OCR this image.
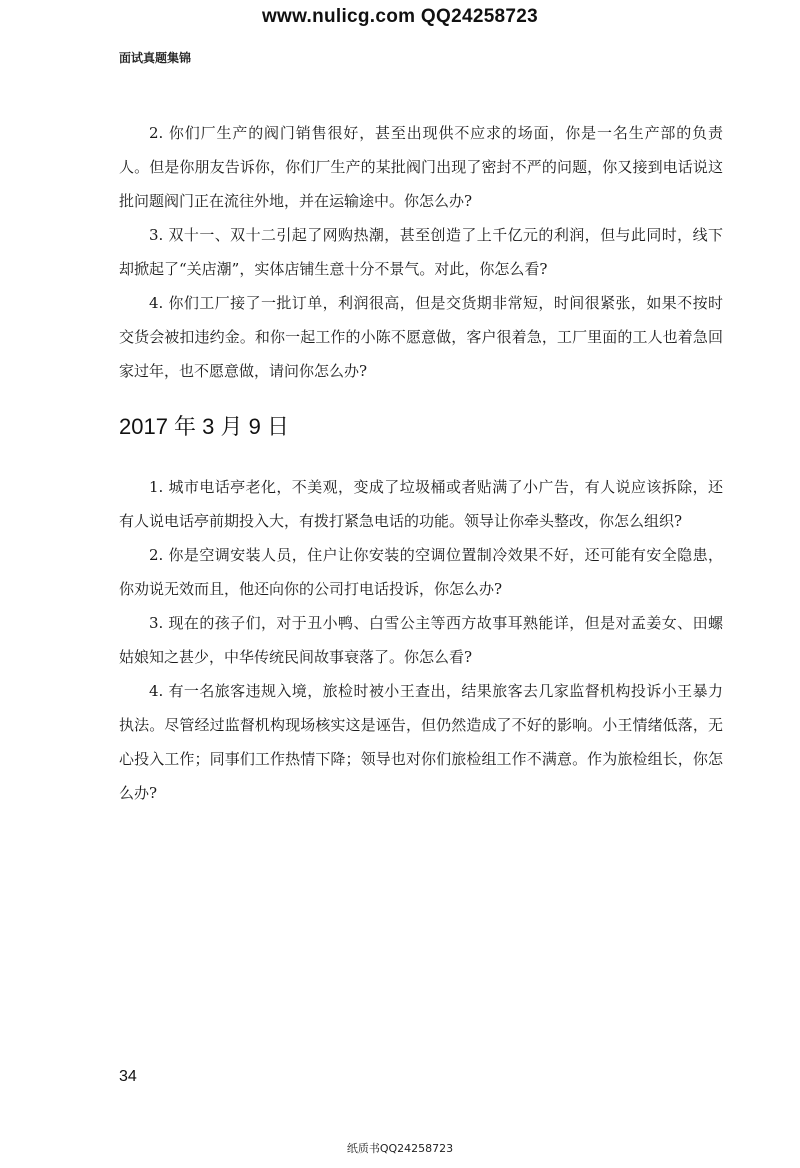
www.nulicg.com QQ24258723
面试真题集锦

2. 你们厂生产的阀门销售很好，甚至出现供不应求的场面，你是一名生产部的负责人。但是你朋友告诉你，你们厂生产的某批阀门出现了密封不严的问题，你又接到电话说这批问题阀门正在流往外地，并在运输途中。你怎么办?

3. 双十一、双十二引起了网购热潮，甚至创造了上千亿元的利润，但与此同时，线下却掀起了“关店潮”，实体店铺生意十分不景气。对此，你怎么看?

4. 你们工厂接了一批订单，利润很高，但是交货期非常短，时间很紧张，如果不按时交货会被扣违约金。和你一起工作的小陈不愿意做，客户很着急，工厂里面的工人也着急回家过年，也不愿意做，请问你怎么办?

2017 年 3 月 9 日

1. 城市电话亭老化，不美观，变成了垃圾桶或者贴满了小广告，有人说应该拆除，还有人说电话亭前期投入大，有拨打紧急电话的功能。领导让你牵头整改，你怎么组织?

2. 你是空调安装人员，住户让你安装的空调位置制冷效果不好，还可能有安全隐患，你劝说无效而且，他还向你的公司打电话投诉，你怎么办?

3. 现在的孩子们，对于丑小鸭、白雪公主等西方故事耳熟能详，但是对孟姜女、田螺姑娘知之甚少，中华传统民间故事衰落了。你怎么看?

4. 有一名旅客违规入境，旅检时被小王查出，结果旅客去几家监督机构投诉小王暴力执法。尽管经过监督机构现场核实这是诬告，但仍然造成了不好的影响。小王情绪低落，无心投入工作；同事们工作热情下降；领导也对你们旅检组工作不满意。作为旅检组长，你怎么办?

34
纸质书QQ24258723
